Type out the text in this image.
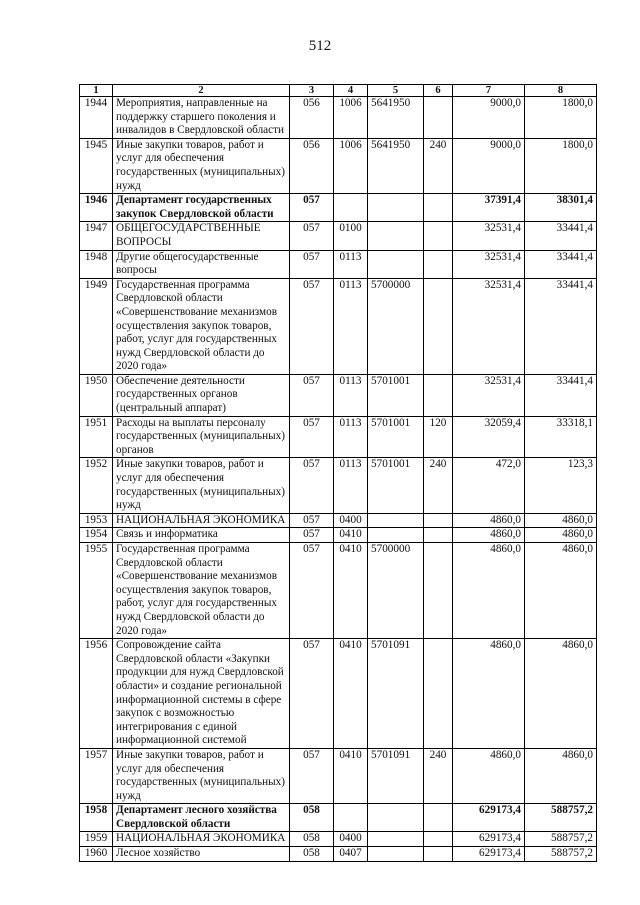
512
1	2	3	4	5	6	7	8
1944	Мероприятия, направленные на поддержку старшего поколения и инвалидов в Свердловской области	056	1006	5641950		9000,0	1800,0
1945	Иные закупки товаров, работ и услуг для обеспечения государственных (муниципальных) нужд	056	1006	5641950	240	9000,0	1800,0
1946	Департамент государственных закупок Свердловской области	057				37391,4	38301,4
1947	ОБЩЕГОСУДАРСТВЕННЫЕ ВОПРОСЫ	057	0100			32531,4	33441,4
1948	Другие общегосударственные вопросы	057	0113			32531,4	33441,4
1949	Государственная программа Свердловской области «Совершенствование механизмов осуществления закупок товаров, работ, услуг для государственных нужд Свердловской области до 2020 года»	057	0113	5700000		32531,4	33441,4
1950	Обеспечение деятельности государственных органов (центральный аппарат)	057	0113	5701001		32531,4	33441,4
1951	Расходы на выплаты персоналу государственных (муниципальных) органов	057	0113	5701001	120	32059,4	33318,1
1952	Иные закупки товаров, работ и услуг для обеспечения государственных (муниципальных) нужд	057	0113	5701001	240	472,0	123,3
1953	НАЦИОНАЛЬНАЯ ЭКОНОМИКА	057	0400			4860,0	4860,0
1954	Связь и информатика	057	0410			4860,0	4860,0
1955	Государственная программа Свердловской области «Совершенствование механизмов осуществления закупок товаров, работ, услуг для государственных нужд Свердловской области до 2020 года»	057	0410	5700000		4860,0	4860,0
1956	Сопровождение сайта Свердловской области «Закупки продукции для нужд Свердловской области» и создание региональной информационной системы в сфере закупок с возможностью интегрирования с единой информационной системой	057	0410	5701091		4860,0	4860,0
1957	Иные закупки товаров, работ и услуг для обеспечения государственных (муниципальных) нужд	057	0410	5701091	240	4860,0	4860,0
1958	Департамент лесного хозяйства Свердловской области	058				629173,4	588757,2
1959	НАЦИОНАЛЬНАЯ ЭКОНОМИКА	058	0400			629173,4	588757,2
1960	Лесное хозяйство	058	0407			629173,4	588757,2
